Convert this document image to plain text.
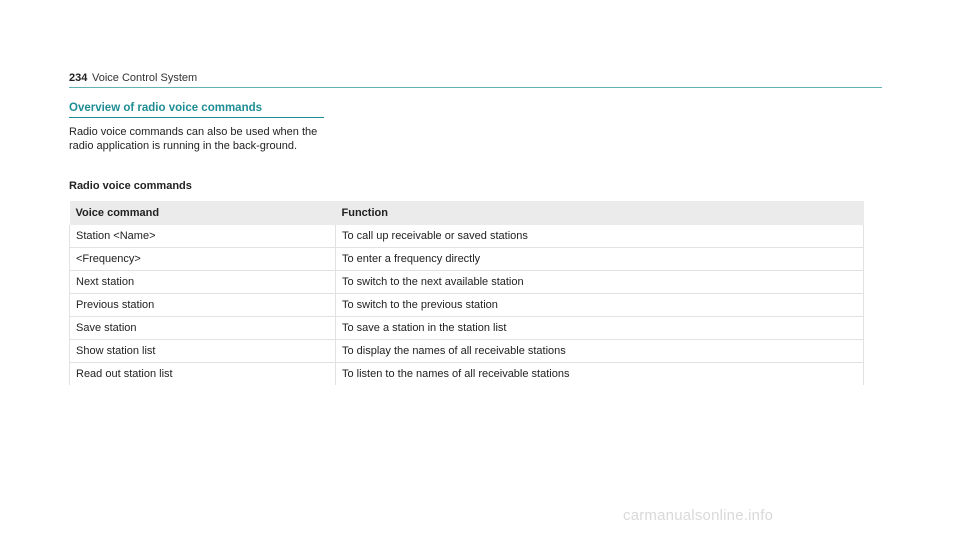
234 Voice Control System
Overview of radio voice commands
Radio voice commands can also be used when the radio application is running in the back-ground.
Radio voice commands
Voice command	Function
Station <Name>	To call up receivable or saved stations
<Frequency>	To enter a frequency directly
Next station	To switch to the next available station
Previous station	To switch to the previous station
Save station	To save a station in the station list
Show station list	To display the names of all receivable stations
Read out station list	To listen to the names of all receivable stations
carmanualsonline.info
